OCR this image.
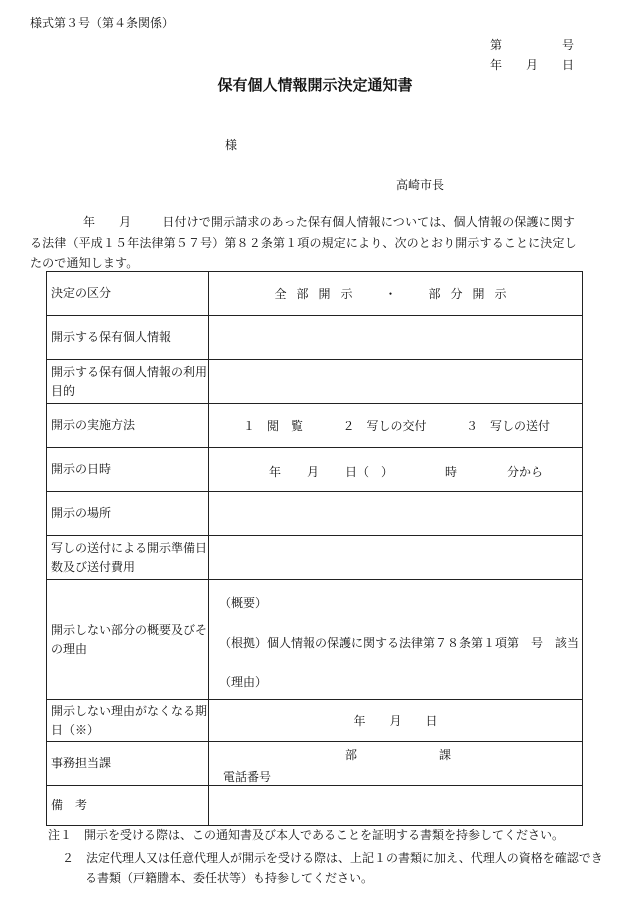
様式第３号（第４条関係）
第	号
年 月 日
保有個人情報開示決定通知書
様
高崎市長
年 月	日付けで開示請求のあった保有個人情報については、個人情報の保護に関する法律（平成１５年法律第５７号）第８２条第１項の規定により、次のとおり開示することに決定したので通知します。
決定の区分	全部開示　・　部分開示
開示する保有個人情報	
開示する保有個人情報の利用目的	
開示の実施方法	１　閲　覧 ２　写しの交付 ３　写しの送付

開示の日時	年 月 日（　） 時 分から

開示の場所	
写しの送付による開示準備日数及び送付費用	
開示しない部分の概要及びその理由	（概要）
（根拠）個人情報の保護に関する法律第７８条第１項第　号　該当
（理由）

開示しない理由がなくなる期日（※）	年　　月　　日
事務担当課	部 課
電話番号

備　考	
注１　開示を受ける際は、この通知書及び本人であることを証明する書類を持参してください。
２　法定代理人又は任意代理人が開示を受ける際は、上記１の書類に加え、代理人の資格を確認でき
る書類（戸籍謄本、委任状等）も持参してください。
